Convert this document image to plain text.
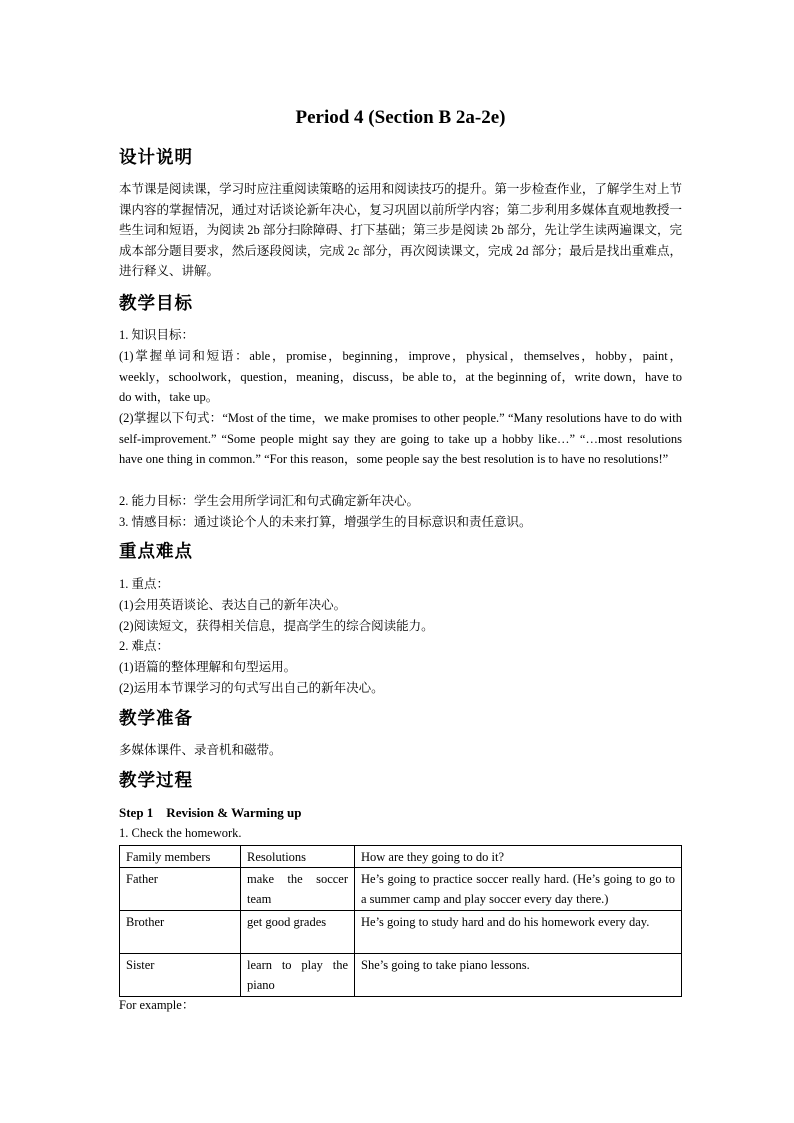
Period 4 (Section B 2a-2e)
设计说明
本节课是阅读课，学习时应注重阅读策略的运用和阅读技巧的提升。第一步检查作业，了解学生对上节课内容的掌握情况，通过对话谈论新年决心，复习巩固以前所学内容；第二步利用多媒体直观地教授一些生词和短语，为阅读 2b 部分扫除障碍、打下基础；第三步是阅读 2b 部分，先让学生读两遍课文，完成本部分题目要求，然后逐段阅读，完成 2c 部分，再次阅读课文，完成 2d 部分；最后是找出重难点，进行释义、讲解。
教学目标
1. 知识目标：
(1)掌握单词和短语：able，promise，beginning，improve，physical，themselves，hobby，paint，weekly，schoolwork，question，meaning，discuss，be able to，at the beginning of，write down，have to do with，take up。
(2)掌握以下句式：“Most of the time，we make promises to other people.” “Many resolutions have to do with self-improvement.” “Some people might say they are going to take up a hobby like…” “…most resolutions have one thing in common.” “For this reason，some people say the best resolution is to have no resolutions!”
2. 能力目标：学生会用所学词汇和句式确定新年决心。
3. 情感目标：通过谈论个人的未来打算，增强学生的目标意识和责任意识。
重点难点
1. 重点：
(1)会用英语谈论、表达自己的新年决心。
(2)阅读短文，获得相关信息，提高学生的综合阅读能力。
2. 难点：
(1)语篇的整体理解和句型运用。
(2)运用本节课学习的句式写出自己的新年决心。
教学准备
多媒体课件、录音机和磁带。
教学过程
Step 1　Revision & Warming up
1. Check the homework.
Family members	Resolutions	How are they going to do it?
Father	make the soccer team	He’s going to practice soccer really hard. (He’s going to go to a summer camp and play soccer every day there.)
Brother	get good grades	He’s going to study hard and do his homework every day.
Sister	learn to play the piano	She’s going to take piano lessons.
For example：
